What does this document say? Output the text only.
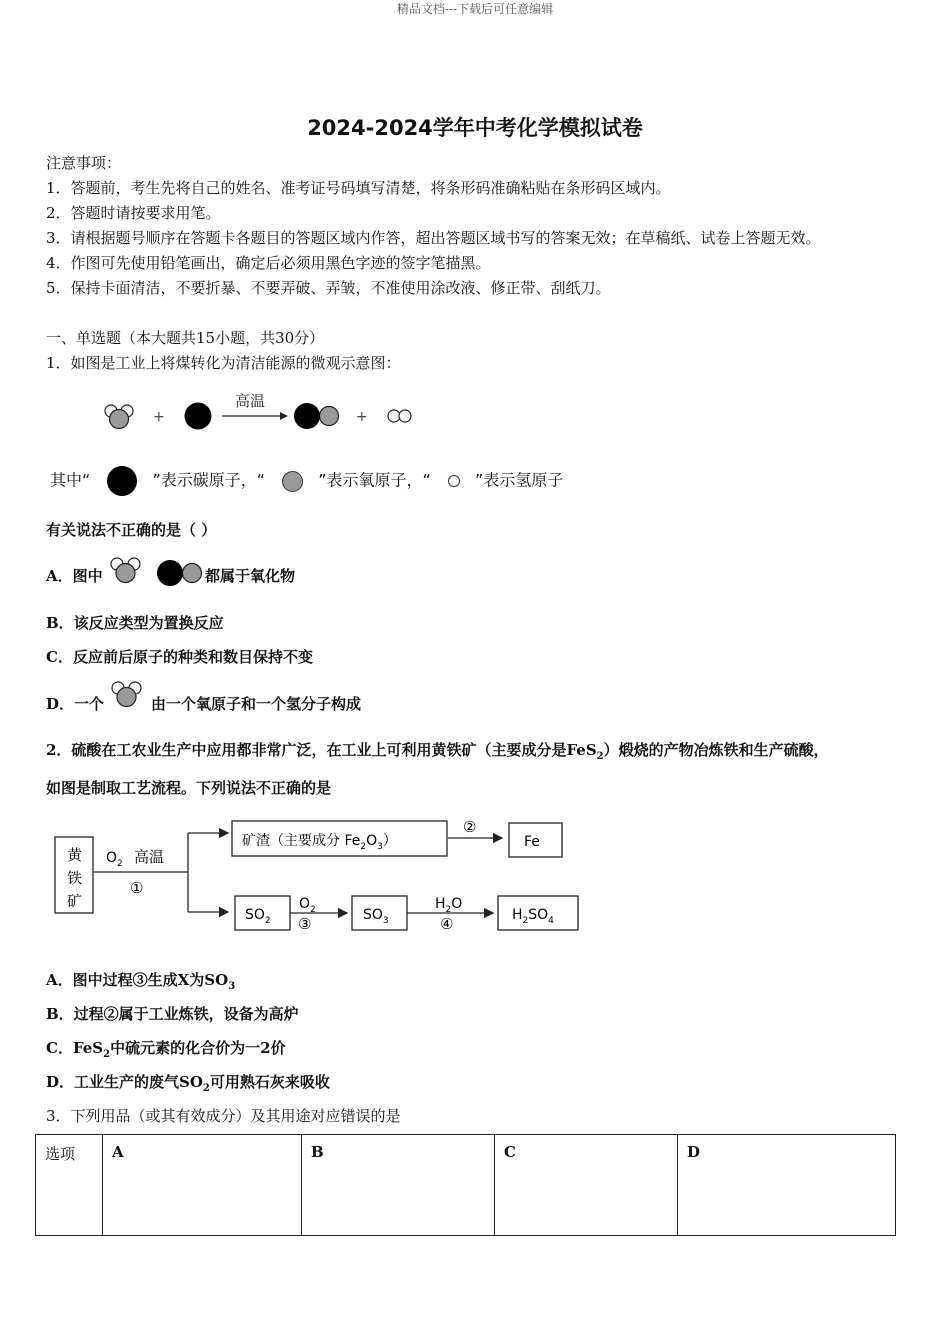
精品文档---下载后可任意编辑
2024-2024学年中考化学模拟试卷
注意事项：
1．答题前，考生先将自己的姓名、准考证号码填写清楚，将条形码准确粘贴在条形码区域内。
2．答题时请按要求用笔。
3．请根据题号顺序在答题卡各题目的答题区域内作答，超出答题区域书写的答案无效；在草稿纸、试卷上答题无效。
4．作图可先使用铅笔画出，确定后必须用黑色字迹的签字笔描黑。
5．保持卡面清洁，不要折暴、不要弄破、弄皱，不准使用涂改液、修正带、刮纸刀。
一、单选题（本大题共15小题，共30分）
1．如图是工业上将煤转化为清洁能源的微观示意图：
+
高温
+
其中“	”表示碳原子，“	”表示氧原子，“	”表示氢原子
有关说法不正确的是（ ）
A．图中	都属于氧化物
B．该反应类型为置换反应
C．反应前后原子的种类和数目保持不变
D．一个	由一个氧原子和一个氢分子构成
2．硫酸在工农业生产中应用都非常广泛，在工业上可利用黄铁矿（主要成分是FeS$_2$）煅烧的产物冶炼铁和生产硫酸，
如图是制取工艺流程。下列说法不正确的是
黄
铁
矿
O 2 高温
①
矿渣（主要成分 $Fe_2O_3$）
②
Fe
$SO_2$
$O_2$
③	$SO_3$
$H_2O$
④	$H_2SO_4$
A．图中过程③生成X为$SO_3$
B．过程②属于工业炼铁，设备为高炉
C．FeS$_2$中硫元素的化合价为一2价
D．工业生产的废气$SO_2$可用熟石灰来吸收
3．下列用品（或其有效成分）及其用途对应错误的是
选项	A	B	C	D
